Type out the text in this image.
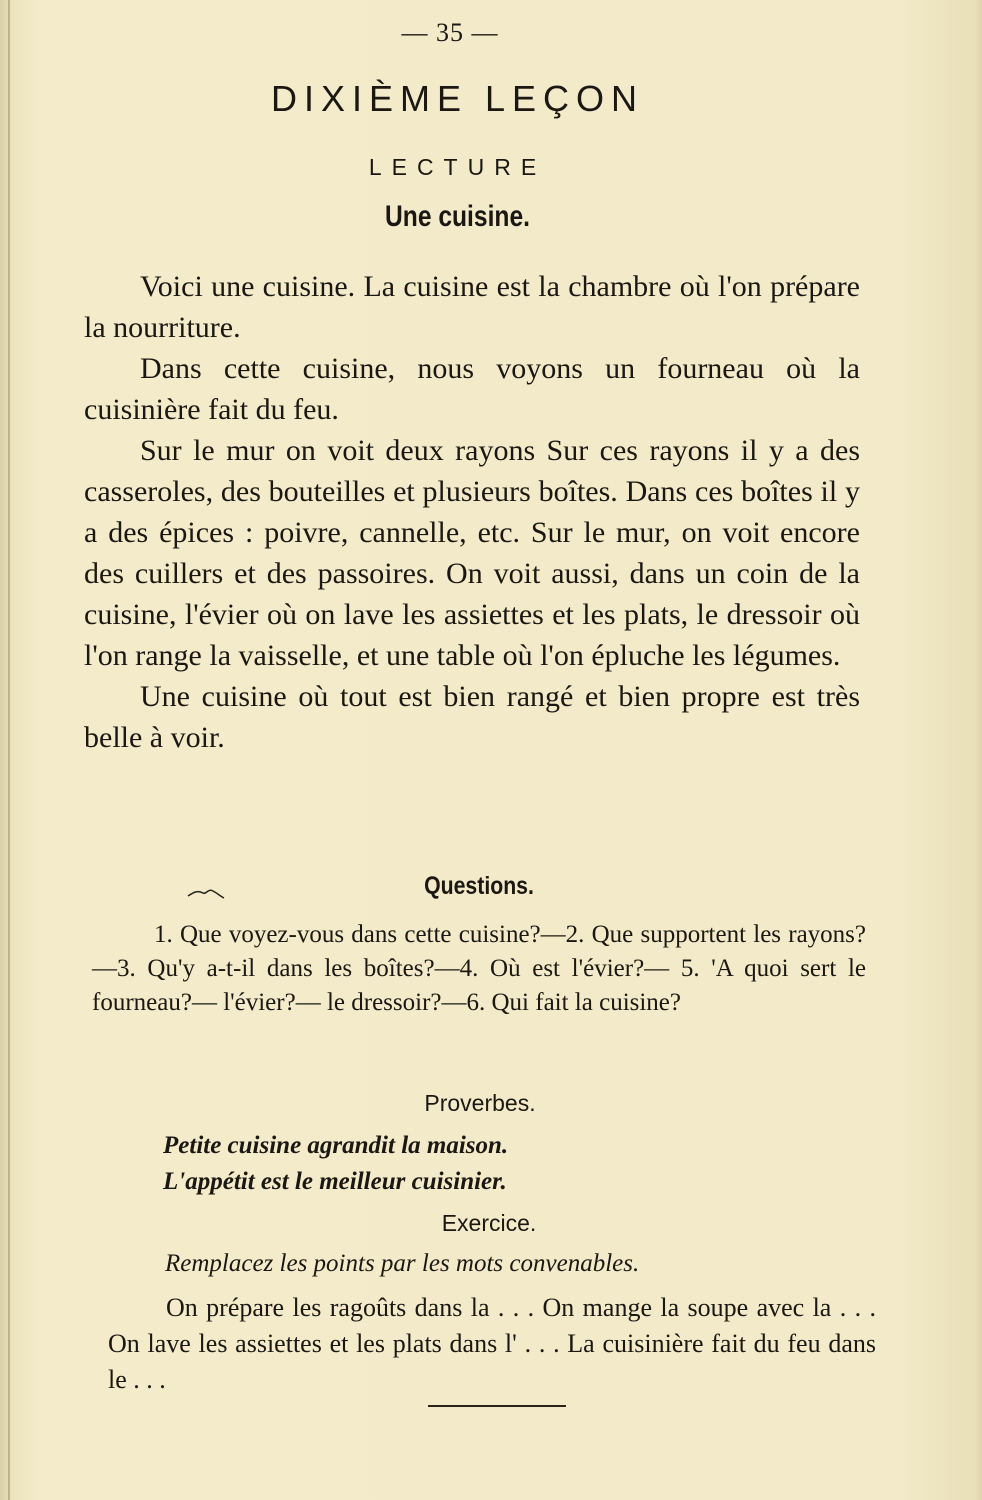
— 35 —
DIXIÈME LEÇON
LECTURE
Une cuisine.

Voici une cuisine. La cuisine est la chambre où l'on prépare la nourriture.

Dans cette cuisine, nous voyons un fourneau où la cuisinière fait du feu.

Sur le mur on voit deux rayons Sur ces rayons il y a des casseroles, des bouteilles et plusieurs boîtes. Dans ces boîtes il y a des épices : poivre, cannelle, etc. Sur le mur, on voit encore des cuillers et des passoires. On voit aussi, dans un coin de la cuisine, l'évier où on lave les assiettes et les plats, le dressoir où l'on range la vaisselle, et une table où l'on épluche les légumes.

Une cuisine où tout est bien rangé et bien propre est très belle à voir.

Questions.

1. Que voyez-vous dans cette cuisine?—2. Que supportent les rayons?—3. Qu'y a-t-il dans les boîtes?—4. Où est l'évier?— 5. 'A quoi sert le fourneau?— l'évier?— le dressoir?—6. Qui fait la cuisine?

Proverbes.
Petite cuisine agrandit la maison.
L'appétit est le meilleur cuisinier.
Exercice.
Remplacez les points par les mots convenables.

On prépare les ragoûts dans la . . . On mange la soupe avec la . . . On lave les assiettes et les plats dans l' . . . La cuisinière fait du feu dans le . . .
